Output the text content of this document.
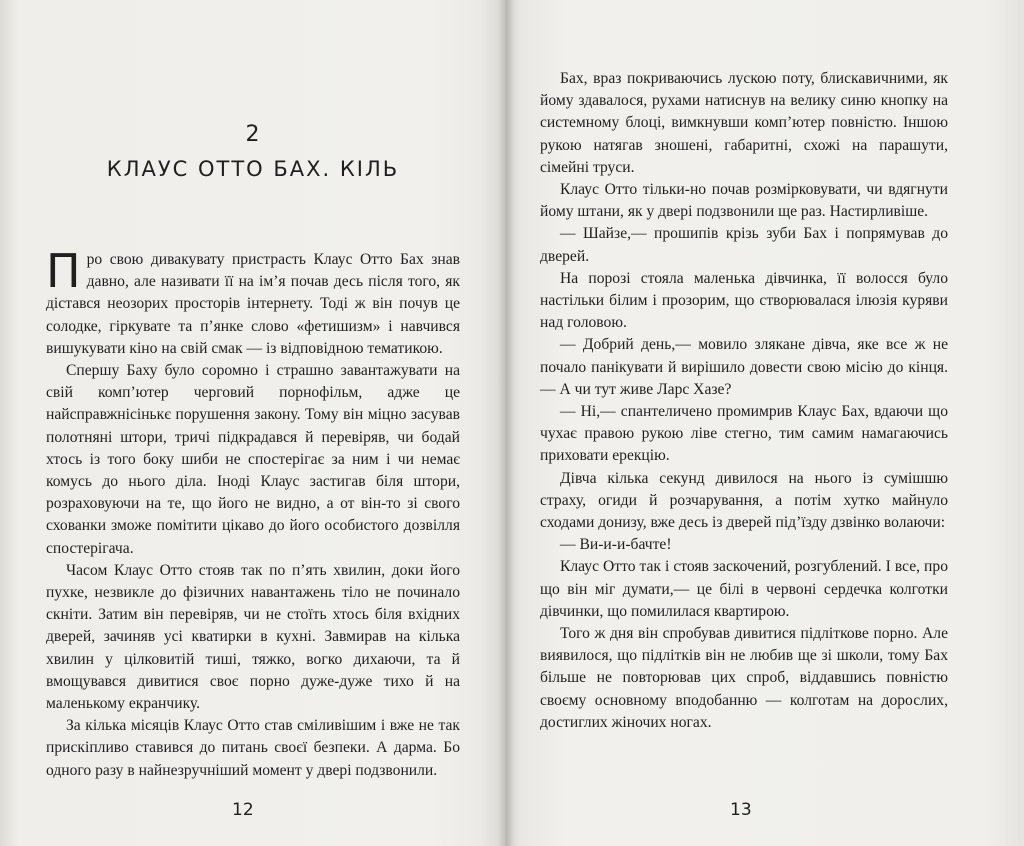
2
КЛАУС ОТТО БАХ. КІЛЬ

Про свою дивакувату пристрасть Клаус Отто Бах знав давно, але називати її на ім’я почав десь після того, як дістався неозорих просторів інтернету. Тоді ж він почув це солодке, гіркувате та п’янке слово «фетишизм» і навчився вишукувати кіно на свій смак — із відповідною тематикою.

Спершу Баху було соромно і страшно завантажувати на свій комп’ютер черговий порнофільм, адже це найсправжнісінькє порушення закону. Тому він міцно засував полотняні штори, тричі підкрадався й перевіряв, чи бодай хтось із того боку шиби не спостерігає за ним і чи немає комусь до нього діла. Іноді Клаус застигав біля штори, розраховуючи на те, що його не видно, а от він-то зі свого схованки зможе помітити цікаво до його особистого дозвілля спостерігача.

Часом Клаус Отто стояв так по п’ять хвилин, доки його пухке, незвикле до фізичних навантажень тіло не починало скніти. Затим він перевіряв, чи не стоїть хтось біля вхідних дверей, зачиняв усі кватирки в кухні. Завмирав на кілька хвилин у цілковитій тиші, тяжко, вогко дихаючи, та й вмощувався дивитися своє порно дуже-дуже тихо й на маленькому екранчику.

За кілька місяців Клаус Отто став сміливішим і вже не так прискіпливо ставився до питань своєї безпеки. А дарма. Бо одного разу в найнезручніший момент у двері подзвонили.

12

Бах, враз покриваючись лускою поту, блискавичними, як йому здавалося, рухами натиснув на велику синю кнопку на системному блоці, вимкнувши комп’ютер повністю. Іншою рукою натягав зношені, габаритні, схожі на парашути, сімейні труси.

Клаус Отто тільки-но почав розмірковувати, чи вдягнути йому штани, як у двері подзвонили ще раз. Настирливіше.

— Шайзе,— прошипів крізь зуби Бах і попрямував до дверей.

На порозі стояла маленька дівчинка, її волосся було настільки білим і прозорим, що створювалася ілюзія куряви над головою.

— Добрий день,— мовило злякане дівча, яке все ж не почало панікувати й вирішило довести свою місію до кінця.— А чи тут живе Ларс Хазе?

— Ні,— спантеличено промимрив Клаус Бах, вдаючи що чухає правою рукою ліве стегно, тим самим намагаючись приховати ерекцію.

Дівча кілька секунд дивилося на нього із сумішшю страху, огиди й розчарування, а потім хутко майнуло сходами донизу, вже десь із дверей під’їзду дзвінко волаючи:

— Ви-и-и-бачте!

Клаус Отто так і стояв заскочений, розгублений. І все, про що він міг думати,— це білі в червоні сердечка колготки дівчинки, що помилилася квартирою.

Того ж дня він спробував дивитися підліткове порно. Але виявилося, що підлітків він не любив ще зі школи, тому Бах більше не повторював цих спроб, віддавшись повністю своєму основному вподобанню — колготам на дорослих, достиглих жіночих ногах.

13
